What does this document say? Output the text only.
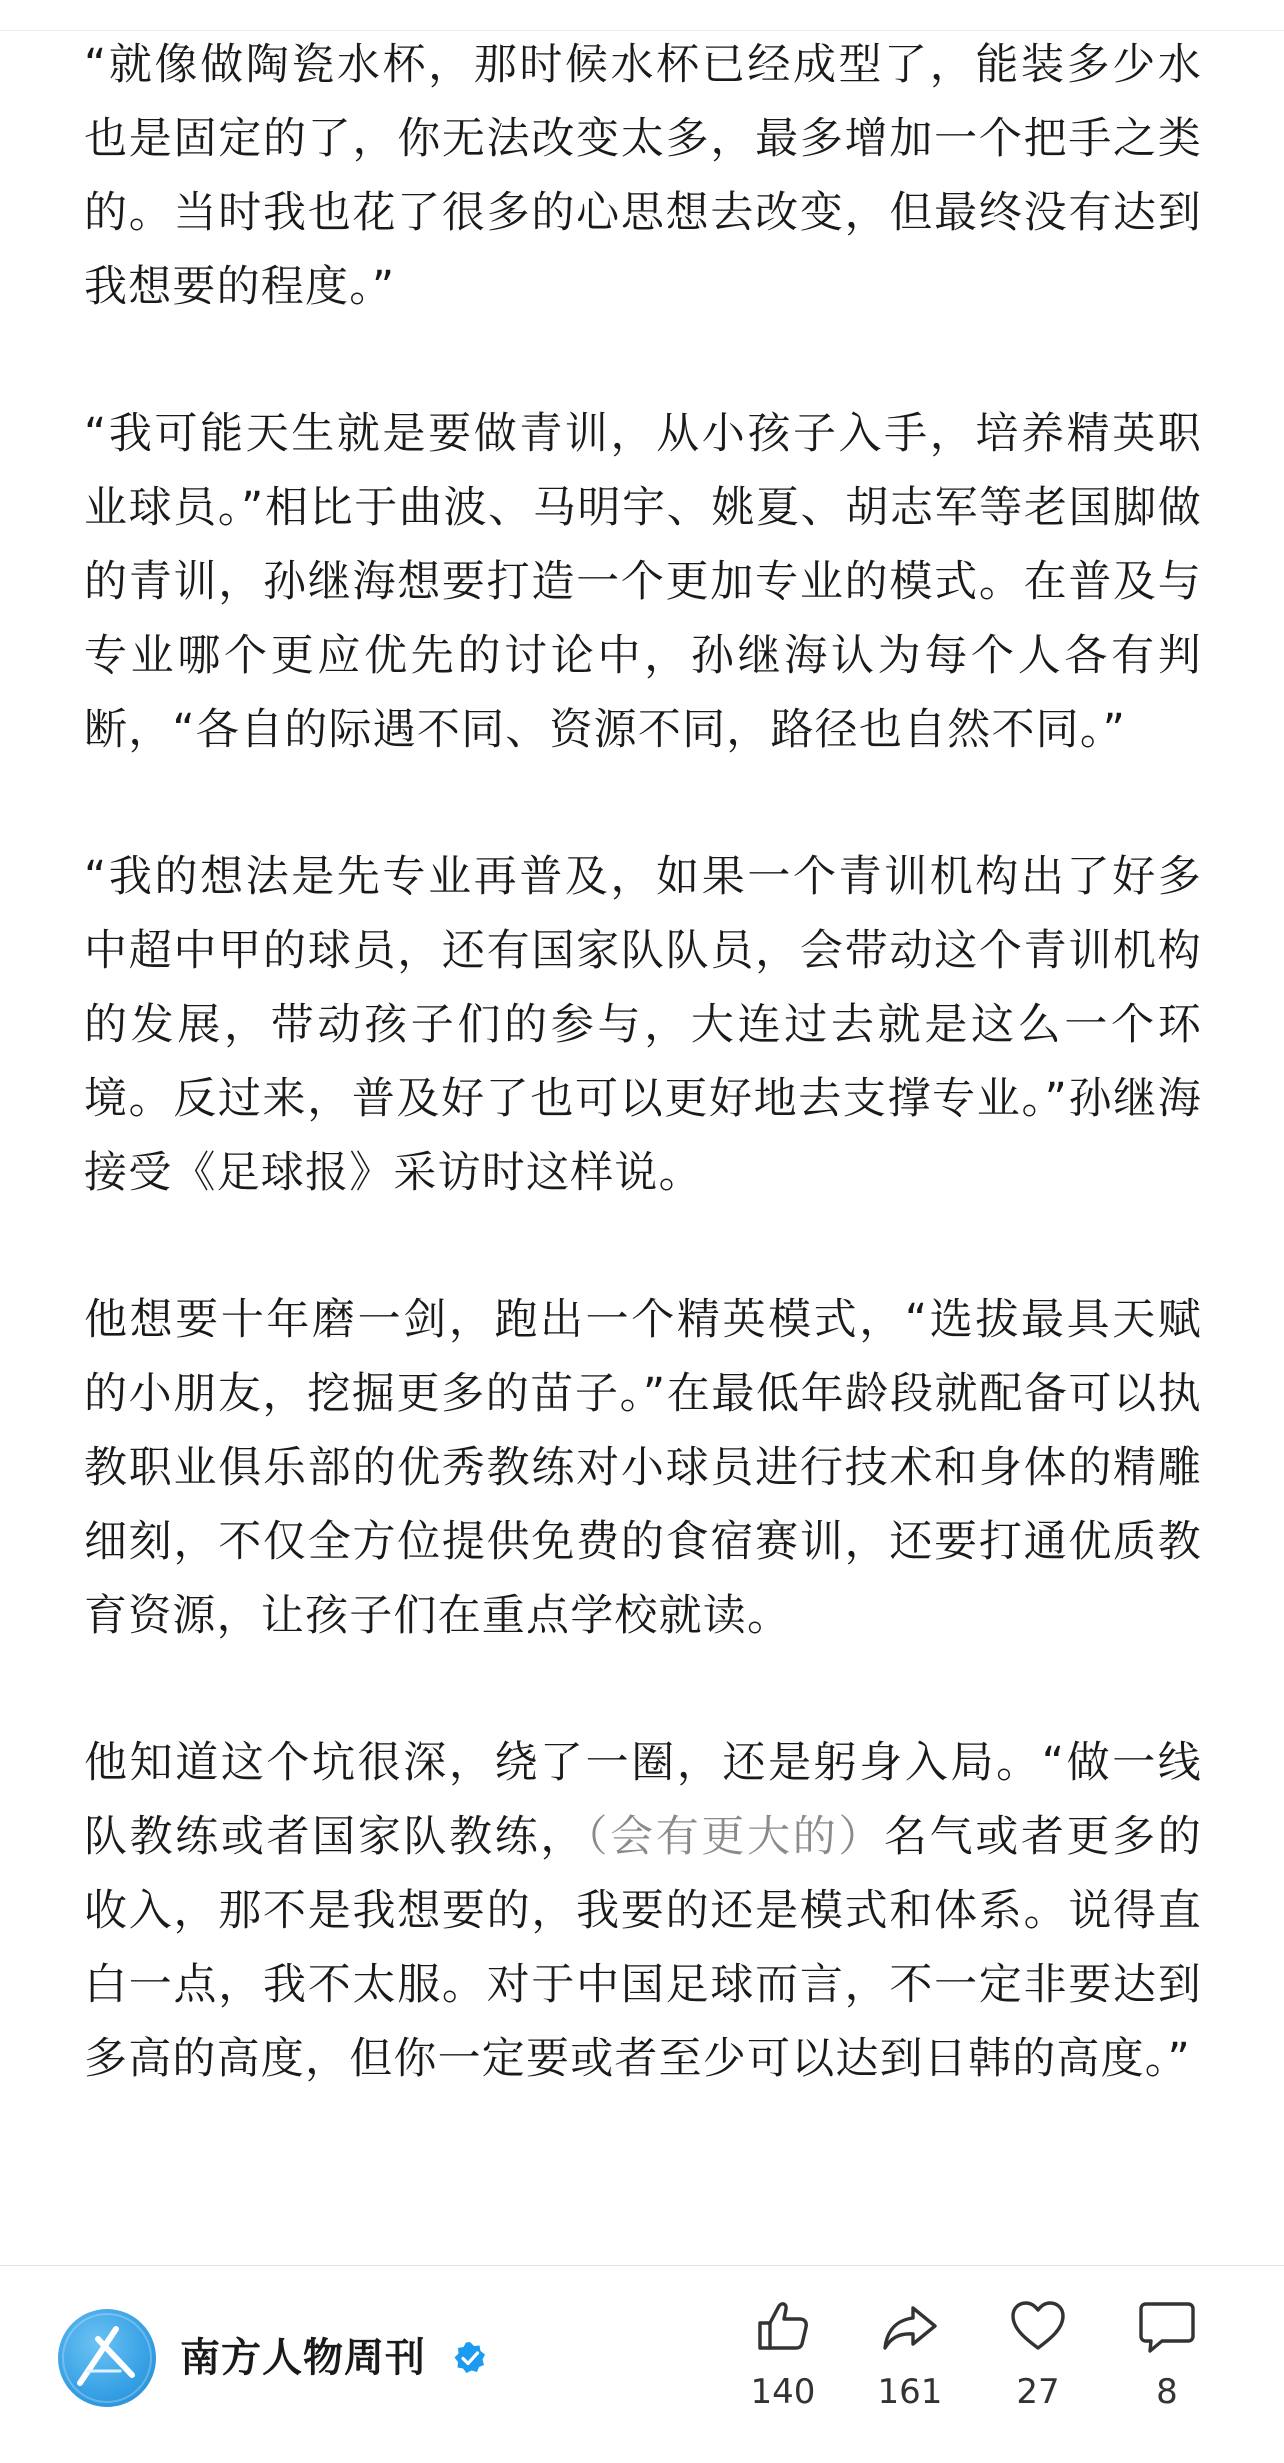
“就像做陶瓷水杯，那时候水杯已经成型了，能装多少水也是固定的了，你无法改变太多，最多增加一个把手之类的。当时我也花了很多的心思想去改变，但最终没有达到我想要的程度。”

“我可能天生就是要做青训，从小孩子入手，培养精英职业球员。”相比于曲波、马明宇、姚夏、胡志军等老国脚做的青训，孙继海想要打造一个更加专业的模式。在普及与专业哪个更应优先的讨论中，孙继海认为每个人各有判断，“各自的际遇不同、资源不同，路径也自然不同。”

“我的想法是先专业再普及，如果一个青训机构出了好多中超中甲的球员，还有国家队队员，会带动这个青训机构的发展，带动孩子们的参与，大连过去就是这么一个环境。反过来，普及好了也可以更好地去支撑专业。”孙继海接受《足球报》采访时这样说。

他想要十年磨一剑，跑出一个精英模式，“选拔最具天赋的小朋友，挖掘更多的苗子。”在最低年龄段就配备可以执教职业俱乐部的优秀教练对小球员进行技术和身体的精雕细刻，不仅全方位提供免费的食宿赛训，还要打通优质教育资源，让孩子们在重点学校就读。

他知道这个坑很深，绕了一圈，还是躬身入局。“做一线队教练或者国家队教练，（会有更大的）名气或者更多的收入，那不是我想要的，我要的还是模式和体系。说得直白一点，我不太服。对于中国足球而言，不一定非要达到多高的高度，但你一定要或者至少可以达到日韩的高度。”

南方人物周刊
140	161	27	8
